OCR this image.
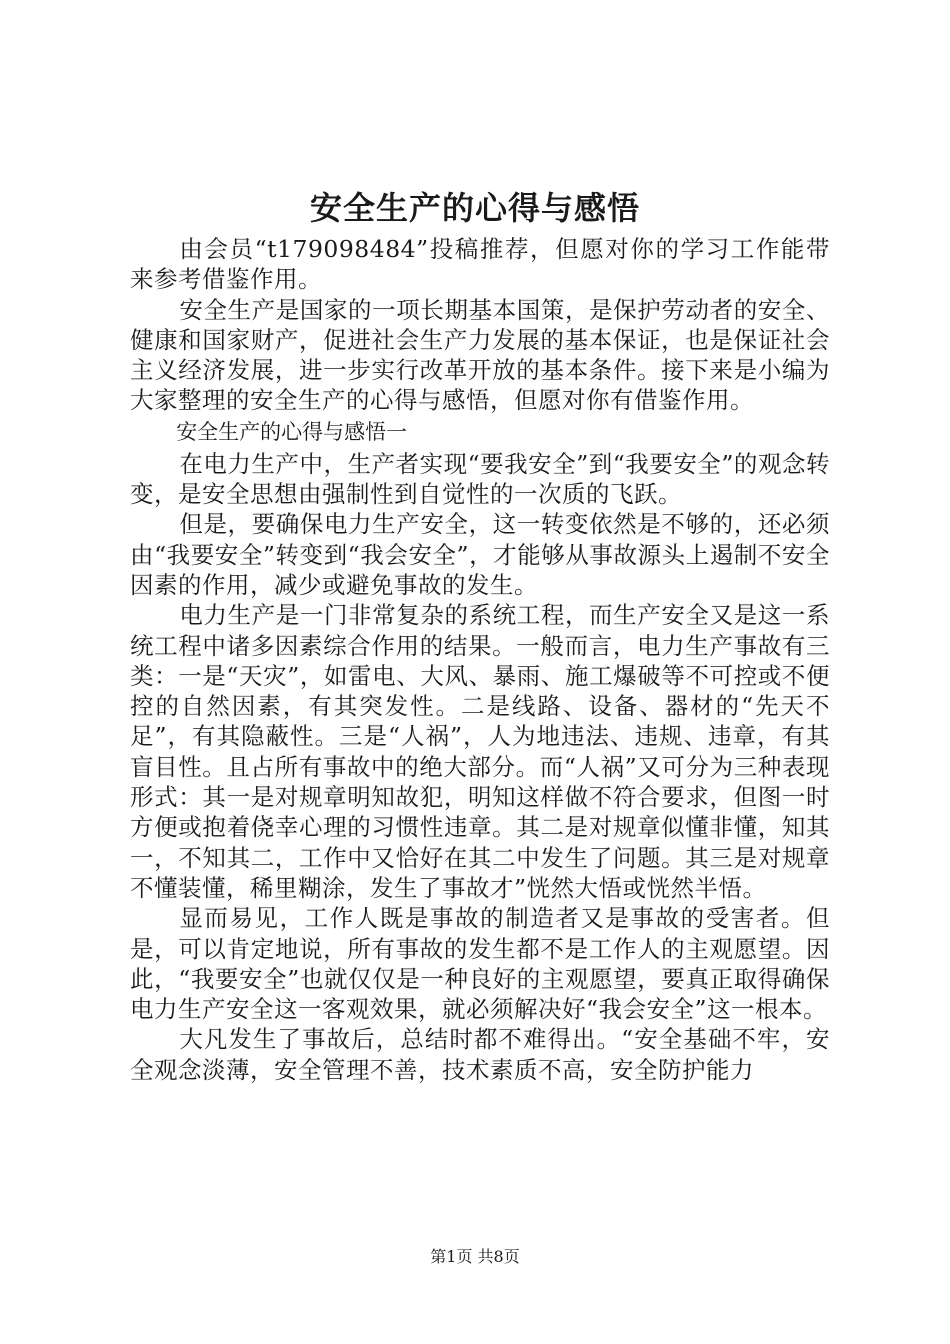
安全生产的心得与感悟

由会员“t179098484”投稿推荐，但愿对你的学习工作能带来参考借鉴作用。

安全生产是国家的一项长期基本国策，是保护劳动者的安全、健康和国家财产，促进社会生产力发展的基本保证，也是保证社会主义经济发展，进一步实行改革开放的基本条件。接下来是小编为大家整理的安全生产的心得与感悟，但愿对你有借鉴作用。

安全生产的心得与感悟一

在电力生产中，生产者实现“要我安全”到“我要安全”的观念转变，是安全思想由强制性到自觉性的一次质的飞跃。

但是，要确保电力生产安全，这一转变依然是不够的，还必须由“我要安全”转变到“我会安全”，才能够从事故源头上遏制不安全因素的作用，减少或避免事故的发生。

电力生产是一门非常复杂的系统工程，而生产安全又是这一系统工程中诸多因素综合作用的结果。一般而言，电力生产事故有三类：一是“天灾”，如雷电、大风、暴雨、施工爆破等不可控或不便控的自然因素，有其突发性。二是线路、设备、器材的“先天不足”，有其隐蔽性。三是“人祸”，人为地违法、违规、违章，有其盲目性。且占所有事故中的绝大部分。而“人祸”又可分为三种表现形式：其一是对规章明知故犯，明知这样做不符合要求，但图一时方便或抱着侥幸心理的习惯性违章。其二是对规章似懂非懂，知其一，不知其二，工作中又恰好在其二中发生了问题。其三是对规章不懂装懂，稀里糊涂，发生了事故才”恍然大悟或恍然半悟。

显而易见，工作人既是事故的制造者又是事故的受害者。但是，可以肯定地说，所有事故的发生都不是工作人的主观愿望。因此，“我要安全”也就仅仅是一种良好的主观愿望，要真正取得确保电力生产安全这一客观效果，就必须解决好“我会安全”这一根本。

大凡发生了事故后，总结时都不难得出。“安全基础不牢，安全观念淡薄，安全管理不善，技术素质不高，安全防护能力

第1页 共8页
